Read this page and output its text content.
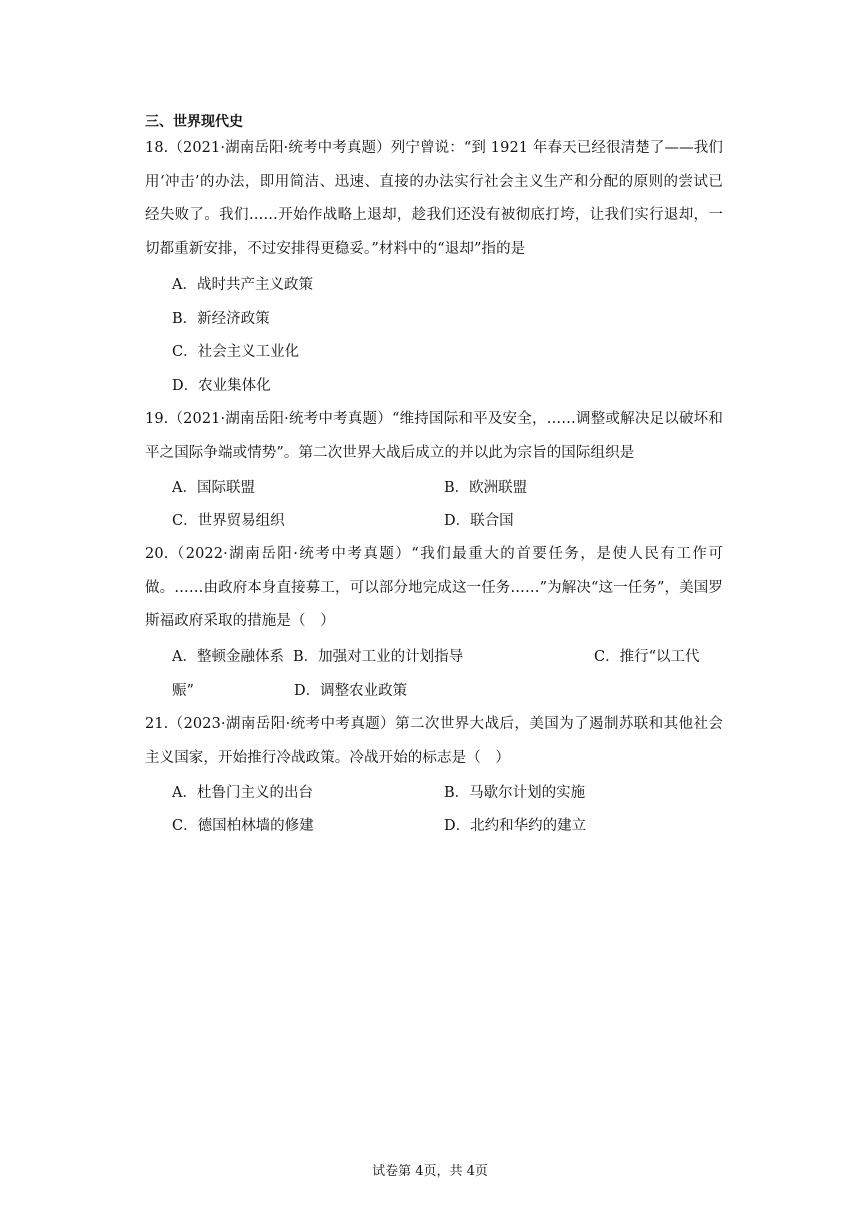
三、世界现代史
18.（2021·湖南岳阳·统考中考真题）列宁曾说：“到 1921 年春天已经很清楚了——我们用‘冲击’的办法，即用简洁、迅速、直接的办法实行社会主义生产和分配的原则的尝试已经失败了。我们……开始作战略上退却，趁我们还没有被彻底打垮，让我们实行退却，一切都重新安排，不过安排得更稳妥。”材料中的“退却”指的是
A．战时共产主义政策
B．新经济政策
C．社会主义工业化
D．农业集体化
19.（2021·湖南岳阳·统考中考真题）“维持国际和平及安全，……调整或解决足以破坏和平之国际争端或情势”。第二次世界大战后成立的并以此为宗旨的国际组织是
A．国际联盟	B．欧洲联盟
C．世界贸易组织	D．联合国
20.（2022·湖南岳阳·统考中考真题）“我们最重大的首要任务，是使人民有工作可做。……由政府本身直接募工，可以部分地完成这一任务……”为解决“这一任务”，美国罗斯福政府采取的措施是（　）
A．整顿金融体系 B．加强对工业的计划指导	C．推行“以工代
赈”	D．调整农业政策
21.（2023·湖南岳阳·统考中考真题）第二次世界大战后，美国为了遏制苏联和其他社会主义国家，开始推行冷战政策。冷战开始的标志是（　）
A．杜鲁门主义的出台	B．马歇尔计划的实施
C．德国柏林墙的修建	D．北约和华约的建立
试卷第 4页，共 4页
